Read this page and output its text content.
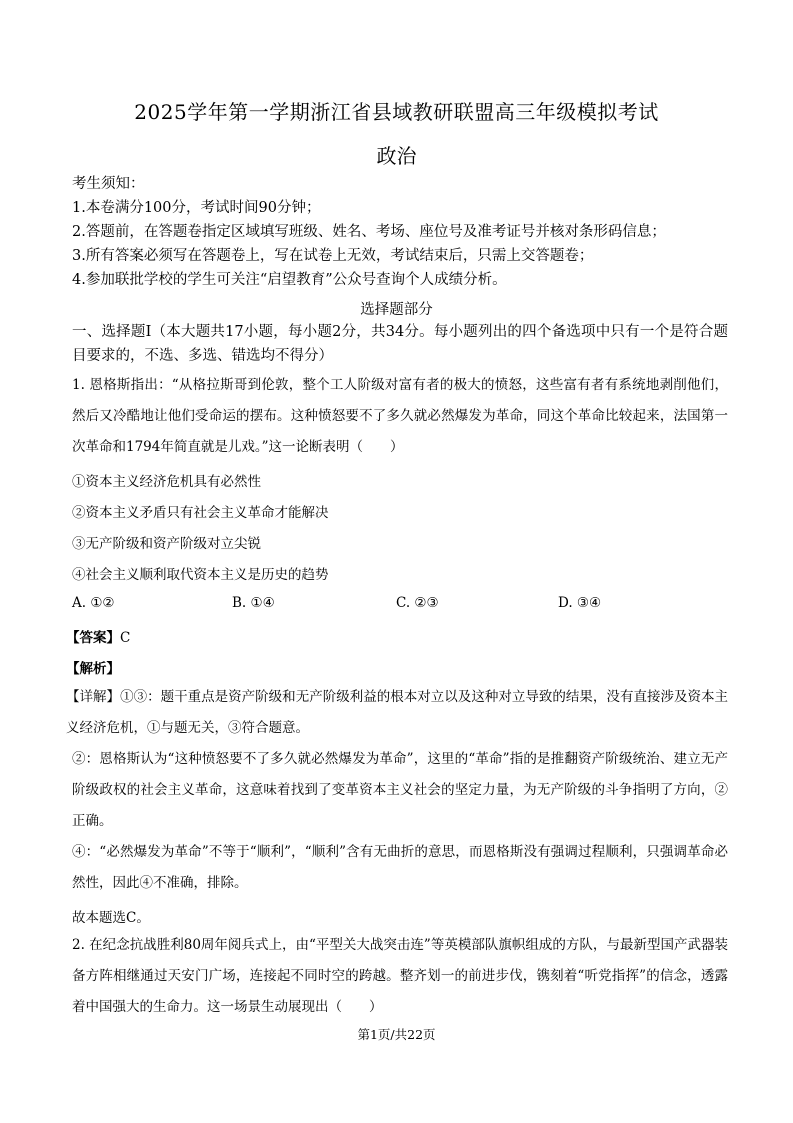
2025学年第一学期浙江省县域教研联盟高三年级模拟考试
政治
考生须知：
1.本卷满分100分，考试时间90分钟；
2.答题前，在答题卷指定区域填写班级、姓名、考场、座位号及准考证号并核对条形码信息；
3.所有答案必须写在答题卷上，写在试卷上无效，考试结束后，只需上交答题卷；
4.参加联批学校的学生可关注“启望教育”公众号查询个人成绩分析。
选择题部分
一、选择题Ⅰ（本大题共17小题，每小题2分，共34分。每小题列出的四个备选项中只有一个是符合题目要求的，不选、多选、错选均不得分）
1. 恩格斯指出：“从格拉斯哥到伦敦，整个工人阶级对富有者的极大的愤怒，这些富有者有系统地剥削他们，然后又冷酷地让他们受命运的摆布。这种愤怒要不了多久就必然爆发为革命，同这个革命比较起来，法国第一次革命和1794年简直就是儿戏。”这一论断表明（　　）
①资本主义经济危机具有必然性
②资本主义矛盾只有社会主义革命才能解决
③无产阶级和资产阶级对立尖锐
④社会主义顺利取代资本主义是历史的趋势
A. ①②	B. ①④	C. ②③	D. ③④
【答案】C
【解析】
【详解】①③：题干重点是资产阶级和无产阶级利益的根本对立以及这种对立导致的结果，没有直接涉及资本主义经济危机，①与题无关，③符合题意。
②：恩格斯认为“这种愤怒要不了多久就必然爆发为革命”，这里的“革命”指的是推翻资产阶级统治、建立无产阶级政权的社会主义革命，这意味着找到了变革资本主义社会的坚定力量，为无产阶级的斗争指明了方向，②正确。
④：“必然爆发为革命”不等于“顺利”，“顺利”含有无曲折的意思，而恩格斯没有强调过程顺利，只强调革命必然性，因此④不准确，排除。
故本题选C。
2. 在纪念抗战胜利80周年阅兵式上，由“平型关大战突击连”等英模部队旗帜组成的方队，与最新型国产武器装备方阵相继通过天安门广场，连接起不同时空的跨越。整齐划一的前进步伐，镌刻着“听党指挥”的信念，透露着中国强大的生命力。这一场景生动展现出（　　）
第1页/共22页
